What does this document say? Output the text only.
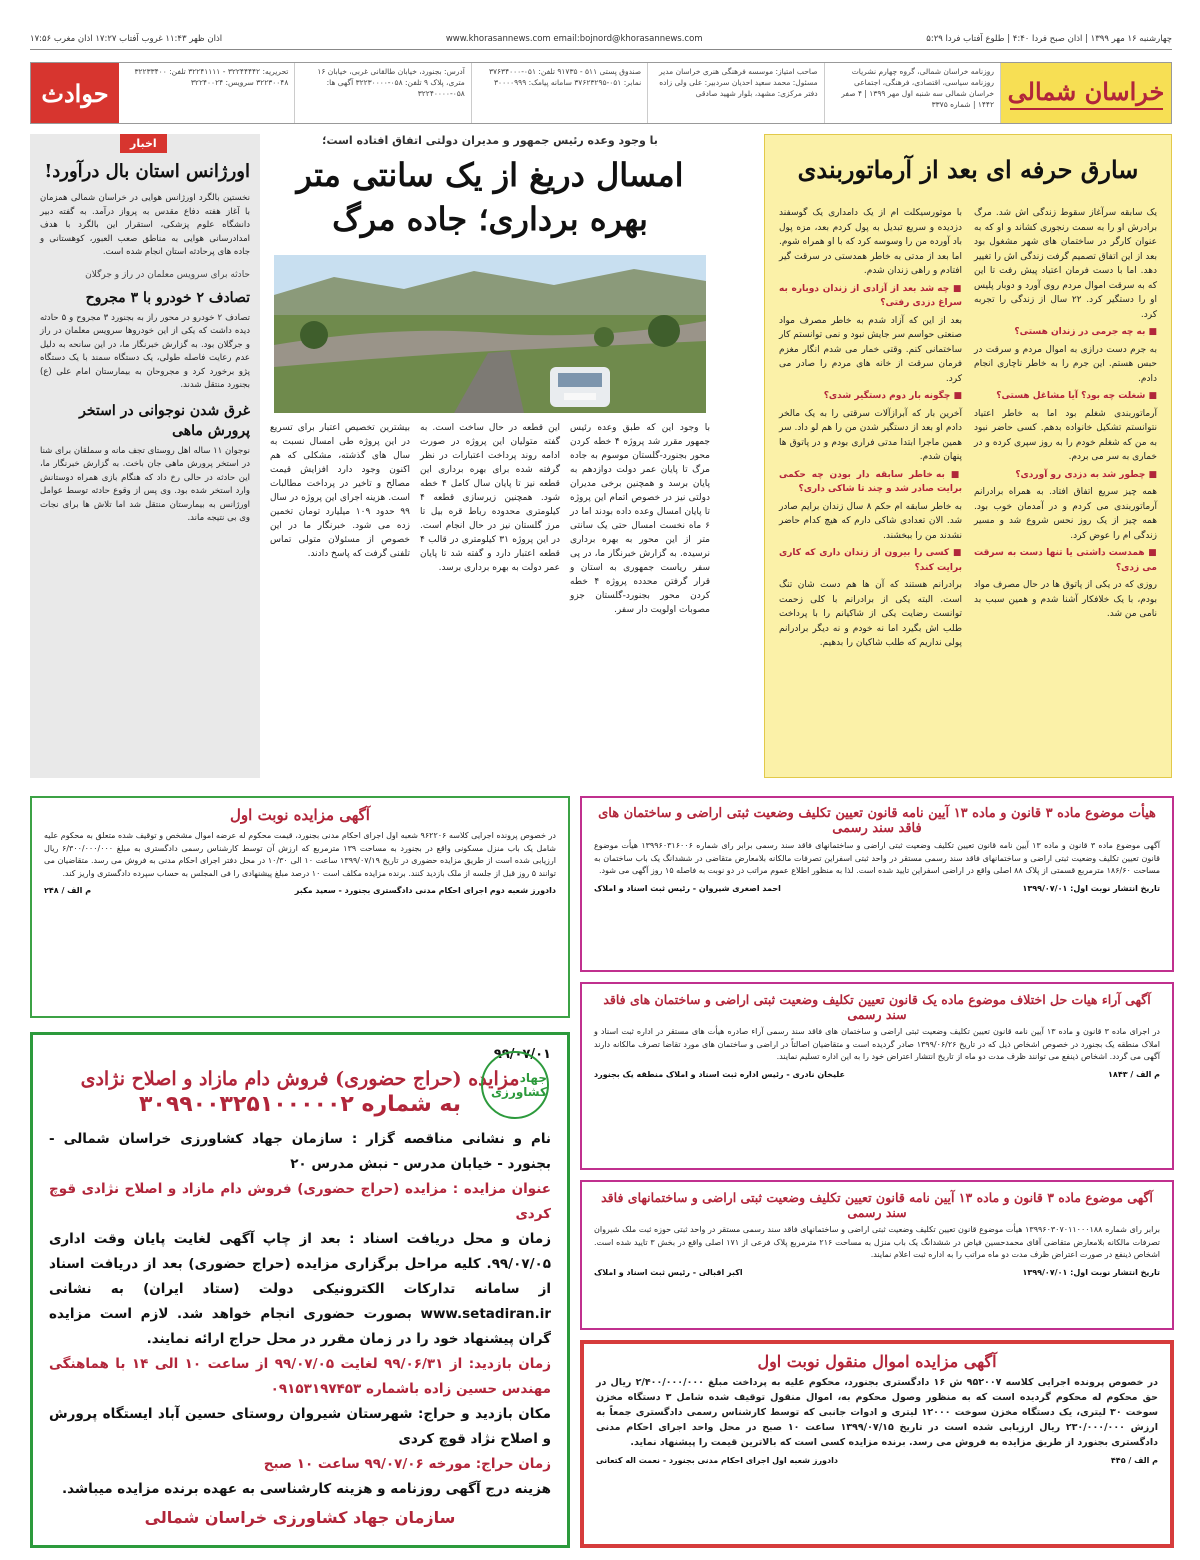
چهارشنبه ۱۶ مهر ۱۳۹۹ | اذان صبح فردا ۴:۴۰ | طلوع آفتاب فردا ۵:۲۹
www.khorasannews.com email:bojnord@khorasannews.com
اذان ظهر ۱۱:۴۳ غروب آفتاب ۱۷:۲۷ اذان مغرب ۱۷:۵۶
خراسان شمالی
روزنامه خراسان شمالی، گروه چهارم نشریات روزنامه سیاسی، اقتصادی، فرهنگی، اجتماعی خراسان شمالی سه شنبه اول مهر ۱۳۹۹ | ۴ صفر ۱۴۴۲ | شماره ۳۳۷۵
صاحب امتیاز: موسسه فرهنگی هنری خراسان مدیر مسئول: محمد سعید احدیان سردبیر: علی ولی زاده دفتر مرکزی: مشهد، بلوار شهید صادقی
صندوق پستی ۵۱۱ - ۹۱۷۳۵ تلفن: ۰۵۱-۳۷۶۳۴۰۰۰ نمابر: ۰۵۱-۳۷۶۲۳۲۹۵ سامانه پیامک: ۳۰۰۰۰۹۹۹
آدرس: بجنورد، خیابان طالقانی غربی، خیابان ۱۶ متری، پلاک ۹ تلفن: ۰۵۸-۳۲۲۳۰۰۰۰ آگهی ها: ۰۵۸-۳۲۲۴۰۰۰۰
تحریریه: ۳۲۲۴۴۴۴۲ - ۳۲۲۴۱۱۱۱ تلفن: ۳۲۲۳۳۴۰۰ ۳۲۲۳۰۰۴۸ سرویس: ۳۲۲۴۰۰۲۴
حوادث
سارق حرفه ای بعد از آرماتوربندی
یک سابقه سرآغاز سقوط زندگی اش شد. مرگ برادرش او را به سمت رنجوری کشاند و او که به عنوان کارگر در ساختمان های شهر مشغول بود بعد از این اتفاق تصمیم گرفت زندگی اش را تغییر دهد. اما با دست فرمان اعتیاد پیش رفت تا این که به سرقت اموال مردم روی آورد و دوبار پلیس او را دستگیر کرد. ۲۲ سال از زندگی را تجربه کرد.
■ به چه جرمی در زندان هستی؟
به جرم دست درازی به اموال مردم و سرقت در حبس هستم. این جرم را به خاطر ناچاری انجام دادم.
■ شغلت چه بود؟ آیا مشاغل هستی؟
آرماتوربندی شغلم بود اما به خاطر اعتیاد نتوانستم تشکیل خانواده بدهم. کسی حاضر نبود به من که شغلم خودم را به روز سپری کرده و در خماری به سر می بردم.
■ چطور شد به دزدی رو آوردی؟
همه چیز سریع اتفاق افتاد. به همراه برادرانم آرماتوربندی می کردم و در آمدمان خوب بود. همه چیز از یک روز نحس شروع شد و مسیر زندگی ام را عوض کرد.
■ همدست داشتی یا تنها دست به سرقت می زدی؟
روزی که در یکی از پاتوق ها در حال مصرف مواد بودم، با یک خلافکار آشنا شدم و همین سبب بد نامی من شد.
با موتورسیکلت ام از یک دامداری یک گوسفند دزدیده و سریع تبدیل به پول کردم بعد، مزه پول باد آورده من را وسوسه کرد که با او همراه شوم. اما بعد از مدتی به خاطر همدستی در سرقت گیر افتادم و راهی زندان شدم.
■ چه شد بعد از آزادی از زندان دوباره به سراغ دزدی رفتی؟
بعد از این که آزاد شدم به خاطر مصرف مواد صنعتی حواسم سر جایش نبود و نمی توانستم کار ساختمانی کنم. وقتی خمار می شدم انگار مغزم فرمان سرقت از خانه های مردم را صادر می کرد.
■ چگونه بار دوم دستگیر شدی؟
آخرین بار که آبرازآلات سرقتی را به یک مالخر دادم او بعد از دستگیر شدن من را هم لو داد. سر همین ماجرا ابتدا مدتی فراری بودم و در پاتوق ها پنهان شدم.
■ به خاطر سابقه دار بودن چه حکمی برایت صادر شد و چند تا شاکی داری؟
به خاطر سابقه ام حکم ۸ سال زندان برایم صادر شد. الان تعدادی شاکی دارم که هیچ کدام حاضر نشدند من را ببخشند.
■ کسی را بیرون از زندان داری که کاری برایت کند؟
برادرانم هستند که آن ها هم دست شان تنگ است. البته یکی از برادرانم با کلی زحمت توانست رضایت یکی از شاکیانم را با پرداخت طلب اش بگیرد اما نه خودم و نه دیگر برادرانم پولی نداریم که طلب شاکیان را بدهیم.
با وجود وعده رئیس جمهور و مدیران دولتی اتفاق افتاده است؛
امسال دریغ از یک سانتی متر
بهره برداری؛ جاده مرگ
با وجود این که طبق وعده رئیس جمهور مقرر شد پروژه ۴ خطه کردن محور بجنورد-گلستان موسوم به جاده مرگ تا پایان عمر دولت دوازدهم به پایان برسد و همچنین برخی مدیران دولتی نیز در خصوص اتمام این پروژه تا پایان امسال وعده داده بودند اما در ۶ ماه نخست امسال حتی یک سانتی متر از این محور به بهره برداری نرسیده. به گزارش خبرنگار ما، در پی سفر ریاست جمهوری به استان و قرار گرفتن محدده پروژه ۴ خطه کردن محور بجنورد-گلستان جزو مصوبات اولویت دار سفر.
این قطعه در حال ساخت است. به گفته متولیان این پروژه در صورت ادامه روند پرداخت اعتبارات در نظر گرفته شده برای بهره برداری این قطعه نیز تا پایان سال کامل ۴ خطه شود. همچنین زیرسازی قطعه ۴ کیلومتری محدوده رباط قره بیل تا مرز گلستان نیز در حال انجام است. در این پروژه ۳۱ کیلومتری در قالب ۴ قطعه اعتبار دارد و گفته شد تا پایان عمر دولت به بهره برداری برسد.
بیشترین تخصیص اعتبار برای تسریع در این پروژه طی امسال نسبت به سال های گذشته، مشکلی که هم اکنون وجود دارد افزایش قیمت مصالح و تاخیر در پرداخت مطالبات است. هزینه اجرای این پروژه در سال ۹۹ حدود ۱۰۹ میلیارد تومان تخمین زده می شود. خبرنگار ما در این خصوص از مسئولان متولی تماس تلفنی گرفت که پاسخ دادند.
اخبار
اورژانس استان بال درآورد!

نخستین بالگرد اورژانس هوایی در خراسان شمالی همزمان با آغاز هفته دفاع مقدس به پرواز درآمد. به گفته دبیر دانشگاه علوم پزشکی، استقرار این بالگرد با هدف امدادرسانی هوایی به مناطق صعب العبور، کوهستانی و جاده های پرحادثه استان انجام شده است.

حادثه برای سرویس معلمان در راز و جرگلان
تصادف ۲ خودرو با ۳ مجروح

تصادف ۲ خودرو در محور راز به بجنورد ۳ مجروح و ۵ حادثه دیده داشت که یکی از این خودروها سرویس معلمان در راز و جرگلان بود. به گزارش خبرنگار ما، در این سانحه به دلیل عدم رعایت فاصله طولی، یک دستگاه سمند با یک دستگاه پژو برخورد کرد و مجروحان به بیمارستان امام علی (ع) بجنورد منتقل شدند.

غرق شدن نوجوانی در استخر پرورش ماهی

نوجوان ۱۱ ساله اهل روستای تجف مانه و سملقان برای شنا در استخر پرورش ماهی جان باخت. به گزارش خبرنگار ما، این حادثه در حالی رخ داد که هنگام بازی همراه دوستانش وارد استخر شده بود. وی پس از وقوع حادثه توسط عوامل اورژانس به بیمارستان منتقل شد اما تلاش ها برای نجات وی بی نتیجه ماند.

آگهی مزایده نوبت اول

در خصوص پرونده اجرایی کلاسه ۹۶۲۲۰۶ شعبه اول اجرای احکام مدنی بجنورد، قیمت محکوم له عرضه اموال مشخص و توقیف شده متعلق به محکوم علیه شامل یک باب منزل مسکونی واقع در بجنورد به مساحت ۱۳۹ مترمربع که ارزش آن توسط کارشناس رسمی دادگستری به مبلغ ۶/۳۰۰/۰۰۰/۰۰۰ ریال ارزیابی شده است از طریق مزایده حضوری در تاریخ ۱۳۹۹/۰۷/۱۹ ساعت ۱۰ الی ۱۰/۳۰ در محل دفتر اجرای احکام مدنی به فروش می رسد. متقاضیان می توانند ۵ روز قبل از جلسه از ملک بازدید کنند. برنده مزایده مکلف است ۱۰ درصد مبلغ پیشنهادی را فی المجلس به حساب سپرده دادگستری واریز کند.

دادورز شعبه دوم اجرای احکام مدنی دادگستری بجنورد - سعید مکبر
م الف / ۲۴۸
جهاد کشاورزی
۹۹/۰۷/۰۱
مزایده (حراج حضوری) فروش دام مازاد و اصلاح نژادی
به شماره ۳۰۹۹۰۰۳۲۵۱۰۰۰۰۰۲
نام و نشانی مناقصه گزار : سازمان جهاد کشاورزی خراسان شمالی - بجنورد - خیابان مدرس - نبش مدرس ۲۰
عنوان مزایده : مزایده (حراج حضوری) فروش دام مازاد و اصلاح نژادی قوچ کردی
زمان و محل دریافت اسناد : بعد از چاپ آگهی لغایت پایان وقت اداری ۹۹/۰۷/۰۵. کلیه مراحل برگزاری مزایده (حراج حضوری) بعد از دریافت اسناد از سامانه تدارکات الکترونیکی دولت (ستاد ایران) به نشانی www.setadiran.ir بصورت حضوری انجام خواهد شد. لازم است مزایده گران پیشنهاد خود را در زمان مقرر در محل حراج ارائه نمایند.
زمان بازدید: از ۹۹/۰۶/۳۱ لغایت ۹۹/۰۷/۰۵ از ساعت ۱۰ الی ۱۴ با هماهنگی مهندس حسین زاده باشماره ۰۹۱۵۳۱۹۷۴۵۳
مکان بازدید و حراج: شهرستان شیروان روستای حسین آباد ایستگاه پرورش و اصلاح نژاد قوچ کردی
زمان حراج: مورخه ۹۹/۰۷/۰۶ ساعت ۱۰ صبح
هزینه درج آگهی روزنامه و هزینه کارشناسی به عهده برنده مزایده میباشد.
سازمان جهاد کشاورزی خراسان شمالی
هیأت موضوع ماده ۳ قانون و ماده ۱۳ آیین نامه قانون تعیین تکلیف وضعیت ثبتی اراضی و ساختمان های فاقد سند رسمی

آگهی موضوع ماده ۳ قانون و ماده ۱۳ آیین نامه قانون تعیین تکلیف وضعیت ثبتی اراضی و ساختمانهای فاقد سند رسمی برابر رای شماره ۱۳۹۹۶۰۳۱۶۰۰۶ هیأت موضوع قانون تعیین تکلیف وضعیت ثبتی اراضی و ساختمانهای فاقد سند رسمی مستقر در واحد ثبتی اسفراین تصرفات مالکانه بلامعارض متقاضی در ششدانگ یک باب ساختمان به مساحت ۱۸۶/۶۰ مترمربع قسمتی از پلاک ۸۸ اصلی واقع در اراضی اسفراین تایید شده است. لذا به منظور اطلاع عموم مراتب در دو نوبت به فاصله ۱۵ روز آگهی می شود.

تاریخ انتشار نوبت اول: ۱۳۹۹/۰۷/۰۱
احمد اصغری شیروان - رئیس ثبت اسناد و املاک
آگهی آراء هیات حل اختلاف موضوع ماده یک قانون تعیین تکلیف وضعیت ثبتی اراضی و ساختمان های فاقد سند رسمی

در اجرای ماده ۳ قانون و ماده ۱۳ آیین نامه قانون تعیین تکلیف وضعیت ثبتی اراضی و ساختمان های فاقد سند رسمی آراء صادره هیأت های مستقر در اداره ثبت اسناد و املاک منطقه یک بجنورد در خصوص اشخاص ذیل که در تاریخ ۱۳۹۹/۰۶/۲۶ صادر گردیده است و متقاضیان اصالتاً در اراضی و ساختمان های مورد تقاضا تصرف مالکانه دارند آگهی می گردد. اشخاص ذینفع می توانند ظرف مدت دو ماه از تاریخ انتشار اعتراض خود را به این اداره تسلیم نمایند.

م الف / ۱۸۴۳
علیخان نادری - رئیس اداره ثبت اسناد و املاک منطقه یک بجنورد
آگهی موضوع ماده ۳ قانون و ماده ۱۳ آیین نامه قانون تعیین تکلیف وضعیت ثبتی اراضی و ساختمانهای فاقد سند رسمی

برابر رای شماره ۱۳۹۹۶۰۳۰۷۰۱۱۰۰۰۱۸۸ هیأت موضوع قانون تعیین تکلیف وضعیت ثبتی اراضی و ساختمانهای فاقد سند رسمی مستقر در واحد ثبتی حوزه ثبت ملک شیروان تصرفات مالکانه بلامعارض متقاضی آقای محمدحسین فیاض در ششدانگ یک باب منزل به مساحت ۲۱۶ مترمربع پلاک فرعی از ۱۷۱ اصلی واقع در بخش ۳ تایید شده است. اشخاص ذینفع در صورت اعتراض ظرف مدت دو ماه مراتب را به اداره ثبت اعلام نمایند.

تاریخ انتشار نوبت اول: ۱۳۹۹/۰۷/۰۱
اکبر اقبالی - رئیس ثبت اسناد و املاک
آگهی مزایده اموال منقول نوبت اول

در خصوص پرونده اجرایی کلاسه ۹۵۲۰۰۷ ش ۱۶ دادگستری بجنورد، محکوم علیه به پرداخت مبلغ ۲/۴۰۰/۰۰۰/۰۰۰ ریال در حق محکوم له محکوم گردیده است که به منظور وصول محکوم به، اموال منقول توقیف شده شامل ۳ دستگاه مخزن سوخت ۳۰ لیتری، یک دستگاه مخزن سوخت ۱۲۰۰۰ لیتری و ادوات جانبی که توسط کارشناس رسمی دادگستری جمعاً به ارزش ۲۳۰/۰۰۰/۰۰۰ ریال ارزیابی شده است در تاریخ ۱۳۹۹/۰۷/۱۵ ساعت ۱۰ صبح در محل واحد اجرای احکام مدنی دادگستری بجنورد از طریق مزایده به فروش می رسد. برنده مزایده کسی است که بالاترین قیمت را پیشنهاد نماید.

م الف / ۴۴۵
دادورز شعبه اول اجرای احکام مدنی بجنورد - نعمت اله کتعانی
